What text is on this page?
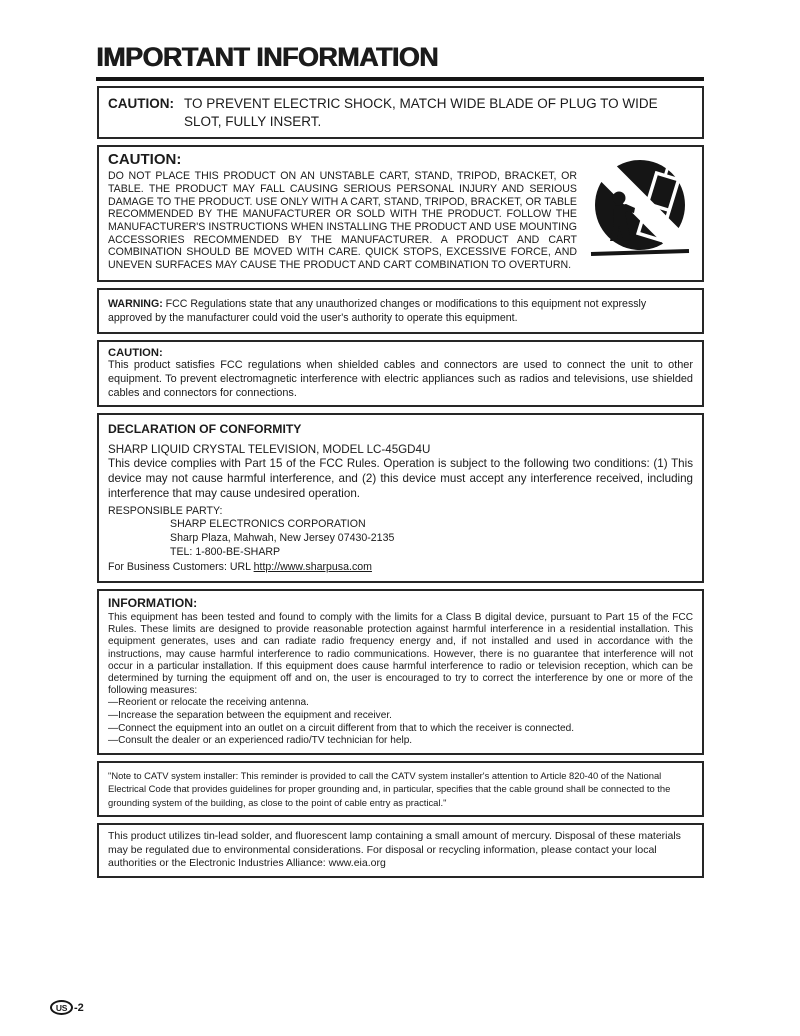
IMPORTANT INFORMATION
CAUTION: TO PREVENT ELECTRIC SHOCK, MATCH WIDE BLADE OF PLUG TO WIDE SLOT, FULLY INSERT.
CAUTION:

DO NOT PLACE THIS PRODUCT ON AN UNSTABLE CART, STAND, TRIPOD, BRACKET, OR TABLE. THE PRODUCT MAY FALL CAUSING SERIOUS PERSONAL INJURY AND SERIOUS DAMAGE TO THE PRODUCT. USE ONLY WITH A CART, STAND, TRIPOD, BRACKET, OR TABLE RECOMMENDED BY THE MANUFACTURER OR SOLD WITH THE PRODUCT. FOLLOW THE MANUFACTURER'S INSTRUCTIONS WHEN INSTALLING THE PRODUCT AND USE MOUNTING ACCESSORIES RECOMMENDED BY THE MANUFACTURER. A PRODUCT AND CART COMBINATION SHOULD BE MOVED WITH CARE. QUICK STOPS, EXCESSIVE FORCE, AND UNEVEN SURFACES MAY CAUSE THE PRODUCT AND CART COMBINATION TO OVERTURN.

WARNING: FCC Regulations state that any unauthorized changes or modifications to this equipment not expressly approved by the manufacturer could void the user's authority to operate this equipment.

CAUTION:

This product satisfies FCC regulations when shielded cables and connectors are used to connect the unit to other equipment. To prevent electromagnetic interference with electric appliances such as radios and televisions, use shielded cables and connectors for connections.

DECLARATION OF CONFORMITY

SHARP LIQUID CRYSTAL TELEVISION, MODEL LC-45GD4U

This device complies with Part 15 of the FCC Rules. Operation is subject to the following two conditions: (1) This device may not cause harmful interference, and (2) this device must accept any interference received, including interference that may cause undesired operation.

RESPONSIBLE PARTY:

SHARP ELECTRONICS CORPORATION

Sharp Plaza, Mahwah, New Jersey 07430-2135

TEL: 1-800-BE-SHARP

For Business Customers: URL http://www.sharpusa.com

INFORMATION:

This equipment has been tested and found to comply with the limits for a Class B digital device, pursuant to Part 15 of the FCC Rules. These limits are designed to provide reasonable protection against harmful interference in a residential installation. This equipment generates, uses and can radiate radio frequency energy and, if not installed and used in accordance with the instructions, may cause harmful interference to radio communications. However, there is no guarantee that interference will not occur in a particular installation. If this equipment does cause harmful interference to radio or television reception, which can be determined by turning the equipment off and on, the user is encouraged to try to correct the interference by one or more of the following measures:

—Reorient or relocate the receiving antenna.

—Increase the separation between the equipment and receiver.

—Connect the equipment into an outlet on a circuit different from that to which the receiver is connected.

—Consult the dealer or an experienced radio/TV technician for help.

"Note to CATV system installer: This reminder is provided to call the CATV system installer's attention to Article 820-40 of the National Electrical Code that provides guidelines for proper grounding and, in particular, specifies that the cable ground shall be connected to the grounding system of the building, as close to the point of cable entry as practical."

This product utilizes tin-lead solder, and fluorescent lamp containing a small amount of mercury. Disposal of these materials may be regulated due to environmental considerations. For disposal or recycling information, please contact your local authorities or the Electronic Industries Alliance: www.eia.org

US -2
